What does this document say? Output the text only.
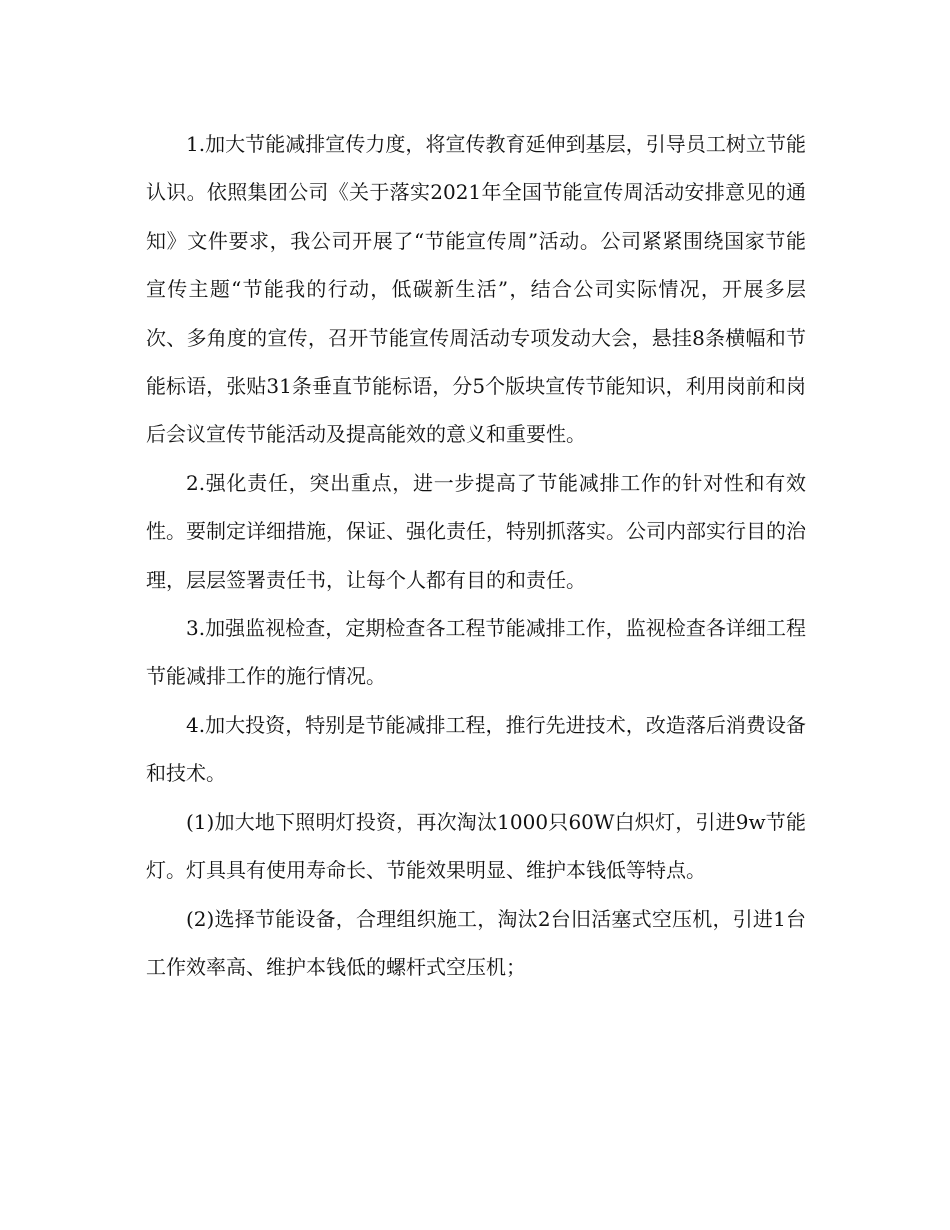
1.加大节能减排宣传力度，将宣传教育延伸到基层，引导员工树立节能认识。依照集团公司《关于落实2021年全国节能宣传周活动安排意见的通知》文件要求，我公司开展了“节能宣传周”活动。公司紧紧围绕国家节能宣传主题“节能我的行动，低碳新生活”，结合公司实际情况，开展多层次、多角度的宣传，召开节能宣传周活动专项发动大会，悬挂8条横幅和节能标语，张贴31条垂直节能标语，分5个版块宣传节能知识，利用岗前和岗后会议宣传节能活动及提高能效的意义和重要性。

2.强化责任，突出重点，进一步提高了节能减排工作的针对性和有效性。要制定详细措施，保证、强化责任，特别抓落实。公司内部实行目的治理，层层签署责任书，让每个人都有目的和责任。

3.加强监视检查，定期检查各工程节能减排工作，监视检查各详细工程节能减排工作的施行情况。

4.加大投资，特别是节能减排工程，推行先进技术，改造落后消费设备和技术。

(1)加大地下照明灯投资，再次淘汰1000只60W白炽灯，引进9w节能灯。灯具具有使用寿命长、节能效果明显、维护本钱低等特点。

(2)选择节能设备，合理组织施工，淘汰2台旧活塞式空压机，引进1台工作效率高、维护本钱低的螺杆式空压机；
